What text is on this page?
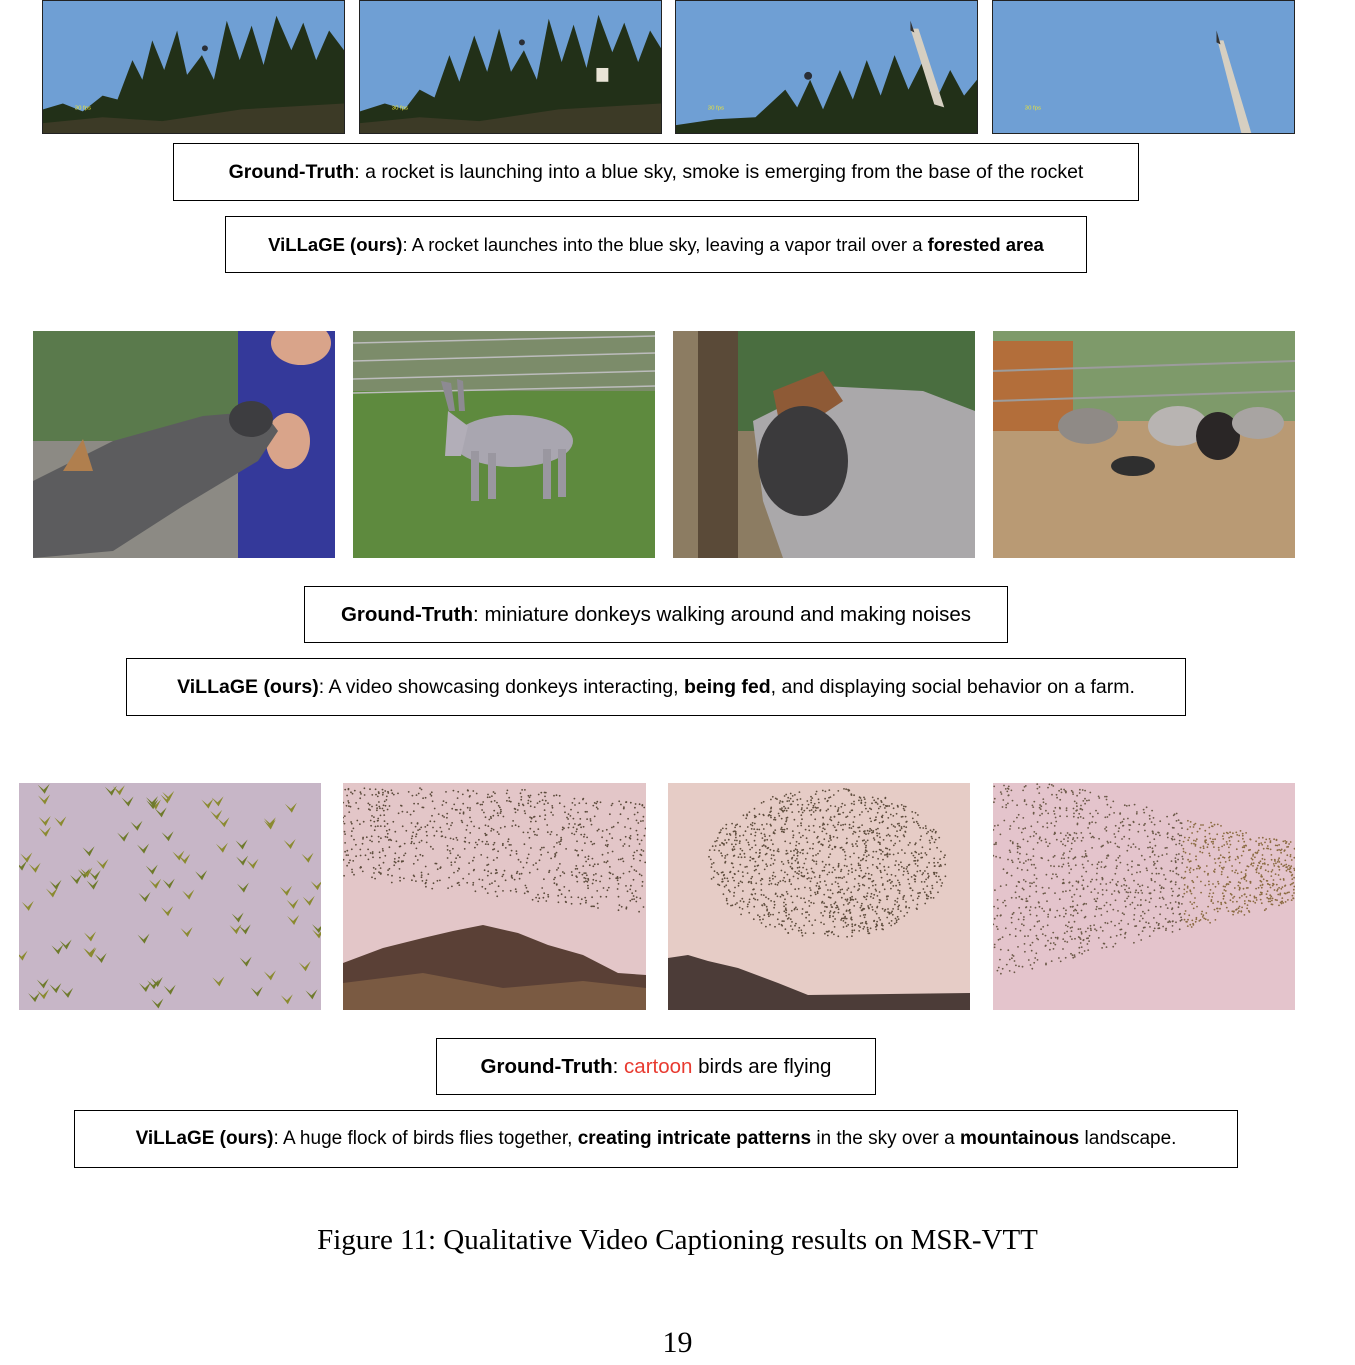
30 fps	30 fps	30 fps	30 fps
Ground-Truth: a rocket is launching into a blue sky, smoke is emerging from the base of the rocket
ViLLaGE (ours): A rocket launches into the blue sky, leaving a vapor trail over a forested area
Ground-Truth: miniature donkeys walking around and making noises
ViLLaGE (ours): A video showcasing donkeys interacting, being fed, and displaying social behavior on a farm.
Ground-Truth: cartoon birds are flying
ViLLaGE (ours): A huge flock of birds flies together, creating intricate patterns in the sky over a mountainous landscape.
Figure 11: Qualitative Video Captioning results on MSR-VTT
19
